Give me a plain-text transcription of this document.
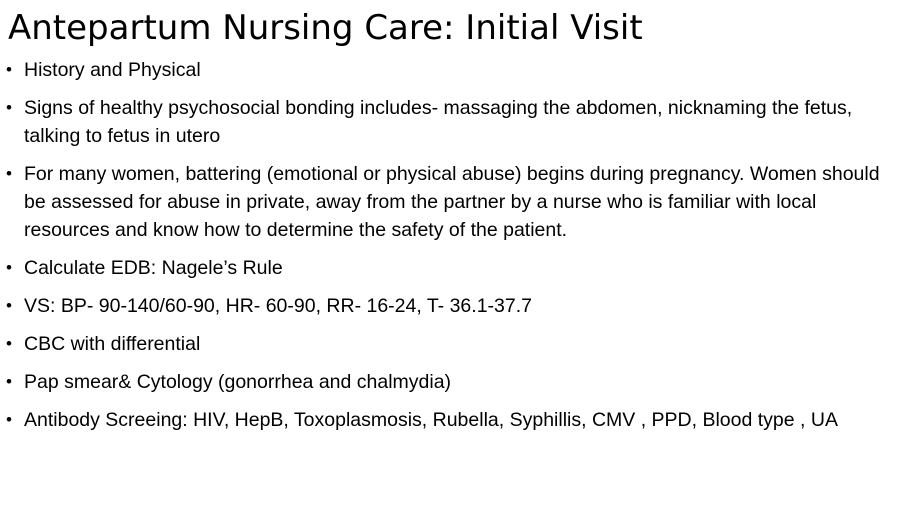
Antepartum Nursing Care: Initial Visit
• History and Physical
• Signs of healthy psychosocial bonding includes- massaging the abdomen, nicknaming the fetus, talking to fetus in utero
• For many women, battering (emotional or physical abuse) begins during pregnancy. Women should be assessed for abuse in private, away from the partner by a nurse who is familiar with local resources and know how to determine the safety of the patient.
• Calculate EDB: Nagele’s Rule
• VS: BP- 90-140/60-90, HR- 60-90, RR- 16-24, T- 36.1-37.7
• CBC with differential
• Pap smear& Cytology (gonorrhea and chalmydia)
• Antibody Screeing: HIV, HepB, Toxoplasmosis, Rubella, Syphillis, CMV , PPD, Blood type , UA
